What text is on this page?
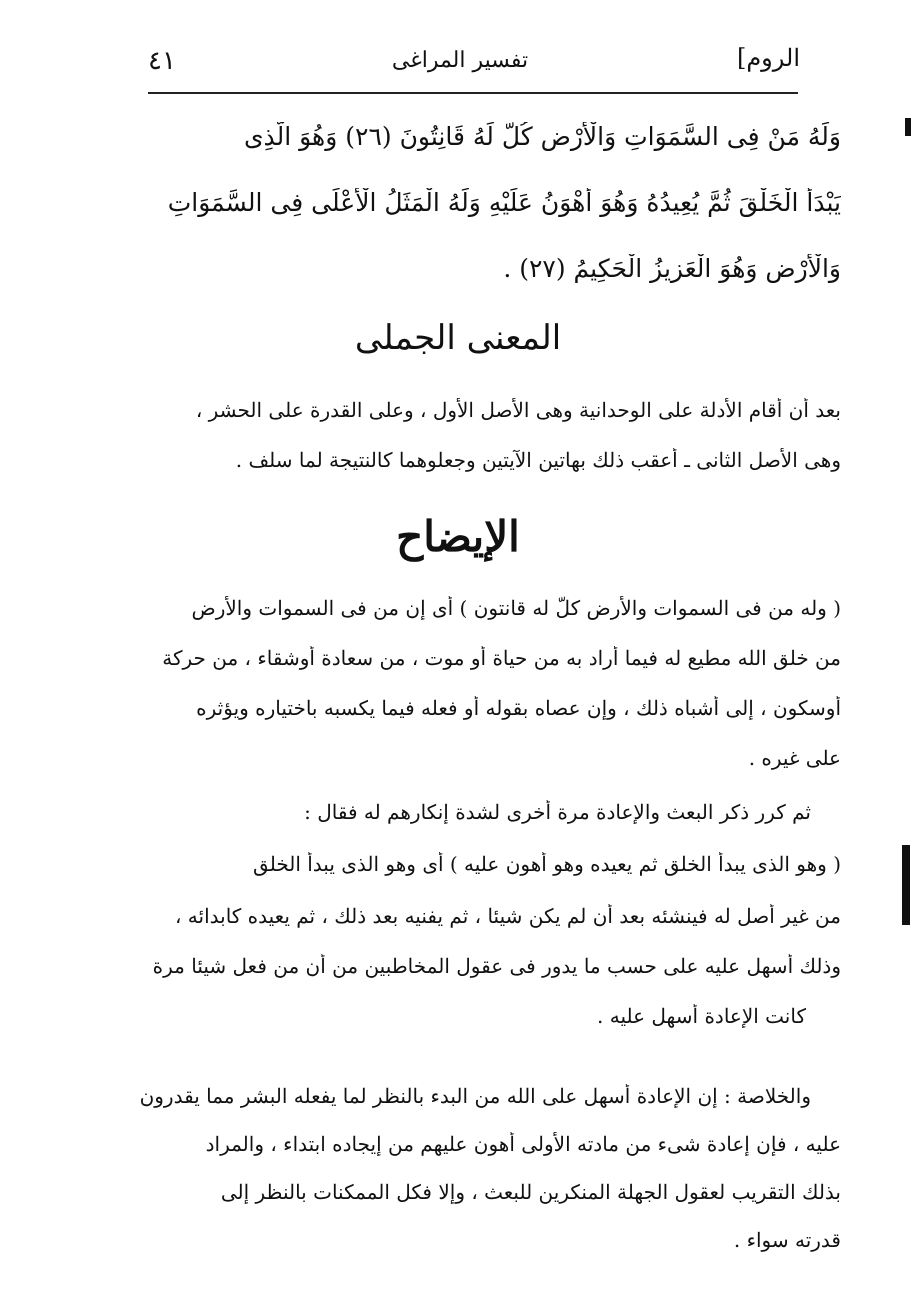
٤١	تفسير المراغى	الروم]
وَلَهُ مَنْ فِى السَّمَوَاتِ وَالْأَرْضِ كُلٌّ لَهُ قَانِتُونَ (٢٦) وَهُوَ الَّذِى
يَبْدَأُ الْخَلْقَ ثُمَّ يُعِيدُهُ وَهُوَ أَهْوَنُ عَلَيْهِ وَلَهُ الْمَثَلُ الْأَعْلَى فِى السَّمَوَاتِ
وَالْأَرْضِ وَهُوَ الْعَزِيزُ الْحَكِيمُ (٢٧) .
المعنى الجملى
بعد أن أقام الأدلة على الوحدانية وهى الأصل الأول ، وعلى القدرة على الحشر ،
وهى الأصل الثانى ـ أعقب ذلك بهاتين الآيتين وجعلوهما كالنتيجة لما سلف .
الإيضاح
( وله من فى السموات والأرض كلٌّ له قانتون ) أى إن من فى السموات والأرض
من خلق الله مطيع له فيما أراد به من حياة أو موت ، من سعادة أوشقاء ، من حركة
أوسكون ، إلى أشباه ذلك ، وإن عصاه بقوله أو فعله فيما يكسبه باختياره ويؤثره
على غيره .
ثم كرر ذكر البعث والإعادة مرة أخرى لشدة إنكارهم له فقال :
( وهو الذى يبدأ الخلق ثم يعيده وهو أهون عليه ) أى وهو الذى يبدأ الخلق
من غير أصل له فينشئه بعد أن لم يكن شيئا ، ثم يفنيه بعد ذلك ، ثم يعيده كابدائه ،
وذلك أسهل عليه على حسب ما يدور فى عقول المخاطبين من أن من فعل شيئا مرة
كانت الإعادة أسهل عليه .
والخلاصة : إن الإعادة أسهل على الله من البدء بالنظر لما يفعله البشر مما يقدرون
عليه ، فإن إعادة شىء من مادته الأولى أهون عليهم من إيجاده ابتداء ، والمراد
بذلك التقريب لعقول الجهلة المنكرين للبعث ، وإلا فكل الممكنات بالنظر إلى
قدرته سواء .
